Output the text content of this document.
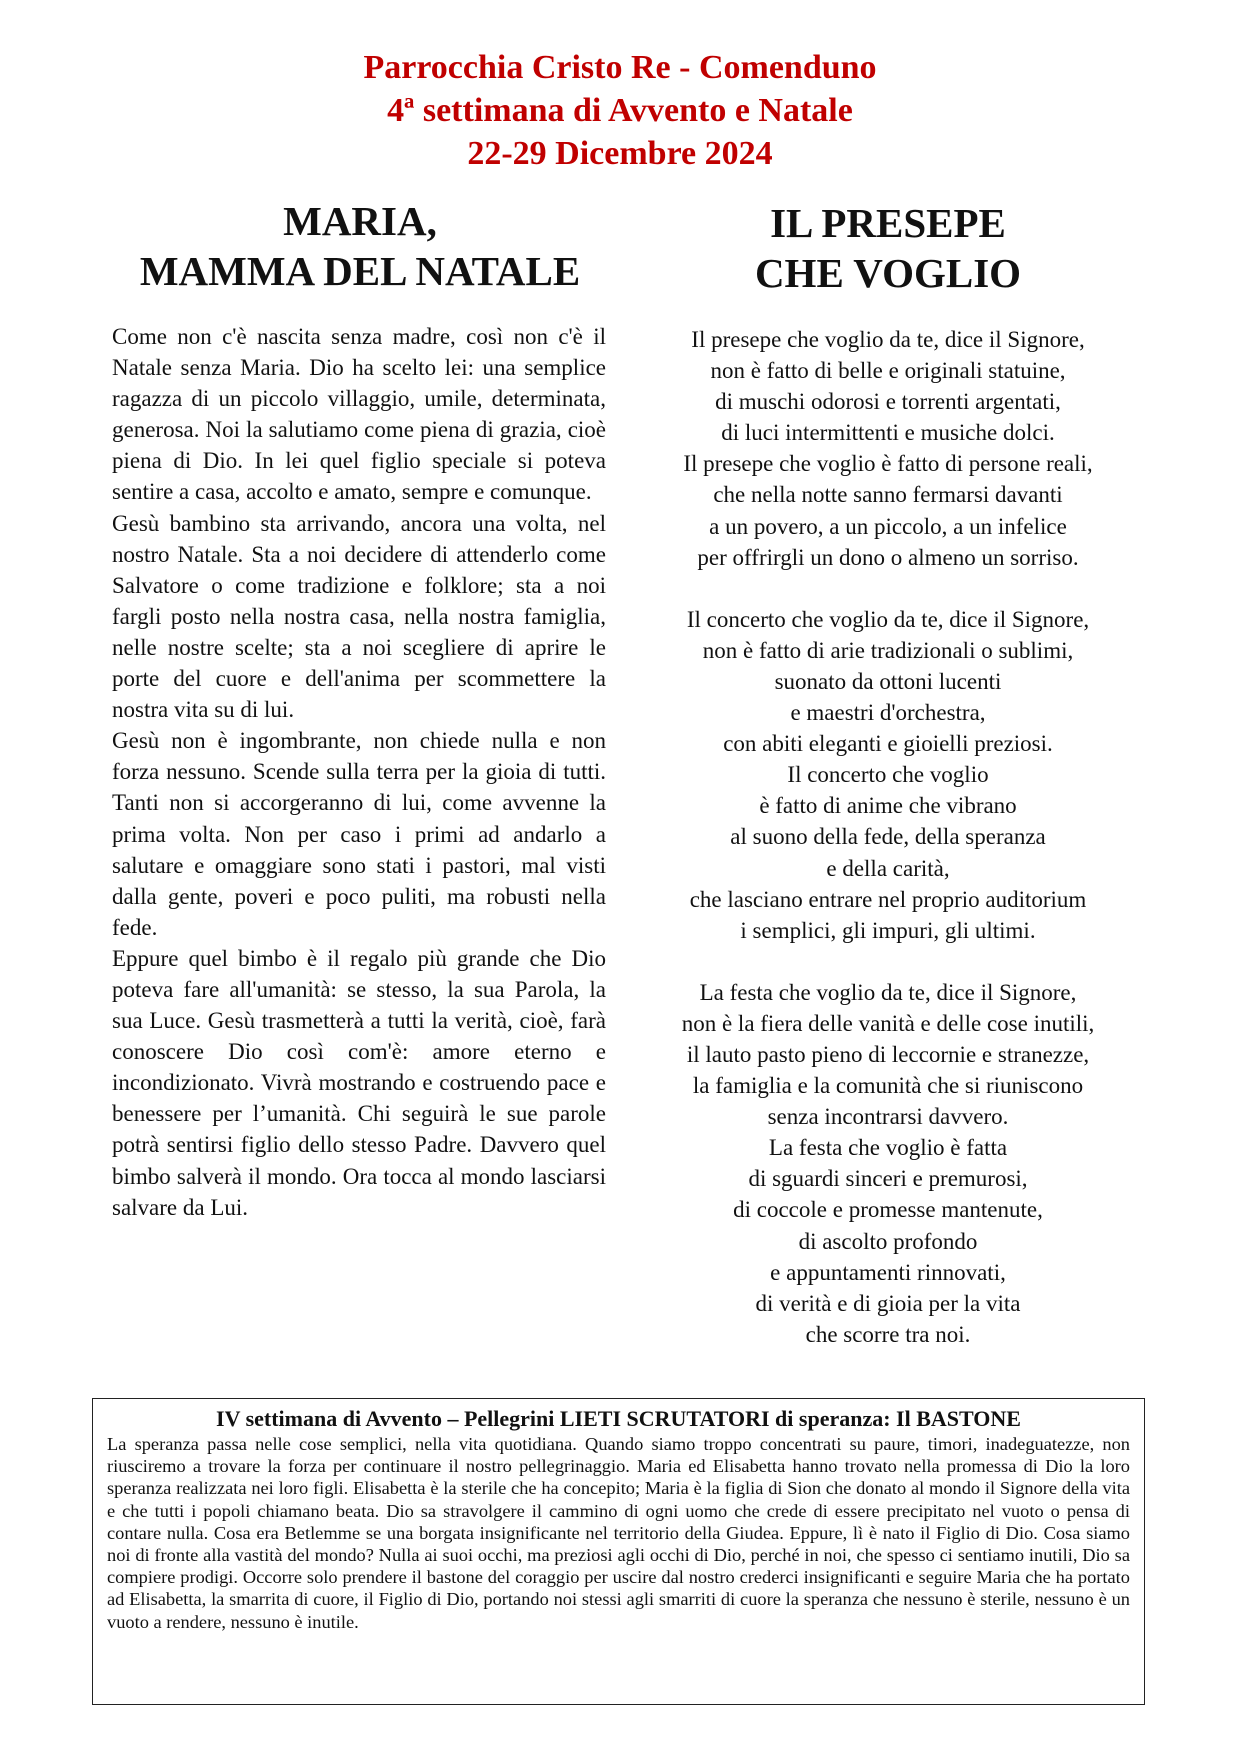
Parrocchia Cristo Re - Comenduno
4ª settimana di Avvento e Natale
22-29 Dicembre 2024
MARIA,
MAMMA DEL NATALE
IL PRESEPE
CHE VOGLIO

Come non c'è nascita senza madre, così non c'è il Natale senza Maria. Dio ha scelto lei: una semplice ragazza di un piccolo villaggio, umile, determinata, generosa. Noi la salutiamo come piena di grazia, cioè piena di Dio. In lei quel figlio speciale si poteva sentire a casa, accolto e amato, sempre e comunque.

Gesù bambino sta arrivando, ancora una volta, nel nostro Natale. Sta a noi decidere di attenderlo come Salvatore o come tradizione e folklore; sta a noi fargli posto nella nostra casa, nella nostra famiglia, nelle nostre scelte; sta a noi scegliere di aprire le porte del cuore e dell'anima per scommettere la nostra vita su di lui.

Gesù non è ingombrante, non chiede nulla e non forza nessuno. Scende sulla terra per la gioia di tutti. Tanti non si accorgeranno di lui, come avvenne la prima volta. Non per caso i primi ad andarlo a salutare e omaggiare sono stati i pastori, mal visti dalla gente, poveri e poco puliti, ma robusti nella fede.

Eppure quel bimbo è il regalo più grande che Dio poteva fare all'umanità: se stesso, la sua Parola, la sua Luce. Gesù trasmetterà a tutti la verità, cioè, farà conoscere Dio così com'è: amore eterno e incondizionato. Vivrà mostrando e costruendo pace e benessere per l’umanità. Chi seguirà le sue parole potrà sentirsi figlio dello stesso Padre. Davvero quel bimbo salverà il mondo. Ora tocca al mondo lasciarsi salvare da Lui.

Il presepe che voglio da te, dice il Signore,
non è fatto di belle e originali statuine,
di muschi odorosi e torrenti argentati,
di luci intermittenti e musiche dolci.
Il presepe che voglio è fatto di persone reali,
che nella notte sanno fermarsi davanti
a un povero, a un piccolo, a un infelice
per offrirgli un dono o almeno un sorriso.
Il concerto che voglio da te, dice il Signore,
non è fatto di arie tradizionali o sublimi,
suonato da ottoni lucenti
e maestri d'orchestra,
con abiti eleganti e gioielli preziosi.
Il concerto che voglio
è fatto di anime che vibrano
al suono della fede, della speranza
e della carità,
che lasciano entrare nel proprio auditorium
i semplici, gli impuri, gli ultimi.
La festa che voglio da te, dice il Signore,
non è la fiera delle vanità e delle cose inutili,
il lauto pasto pieno di leccornie e stranezze,
la famiglia e la comunità che si riuniscono
senza incontrarsi davvero.
La festa che voglio è fatta
di sguardi sinceri e premurosi,
di coccole e promesse mantenute,
di ascolto profondo
e appuntamenti rinnovati,
di verità e di gioia per la vita
che scorre tra noi.
IV settimana di Avvento – Pellegrini LIETI SCRUTATORI di speranza: Il BASTONE

La speranza passa nelle cose semplici, nella vita quotidiana. Quando siamo troppo concentrati su paure, timori, inadeguatezze, non riusciremo a trovare la forza per continuare il nostro pellegrinaggio. Maria ed Elisabetta hanno trovato nella promessa di Dio la loro speranza realizzata nei loro figli. Elisabetta è la sterile che ha concepito; Maria è la figlia di Sion che donato al mondo il Signore della vita e che tutti i popoli chiamano beata. Dio sa stravolgere il cammino di ogni uomo che crede di essere precipitato nel vuoto o pensa di contare nulla. Cosa era Betlemme se una borgata insignificante nel territorio della Giudea. Eppure, lì è nato il Figlio di Dio. Cosa siamo noi di fronte alla vastità del mondo? Nulla ai suoi occhi, ma preziosi agli occhi di Dio, perché in noi, che spesso ci sentiamo inutili, Dio sa compiere prodigi. Occorre solo prendere il bastone del coraggio per uscire dal nostro crederci insignificanti e seguire Maria che ha portato ad Elisabetta, la smarrita di cuore, il Figlio di Dio, portando noi stessi agli smarriti di cuore la speranza che nessuno è sterile, nessuno è un vuoto a rendere, nessuno è inutile.
